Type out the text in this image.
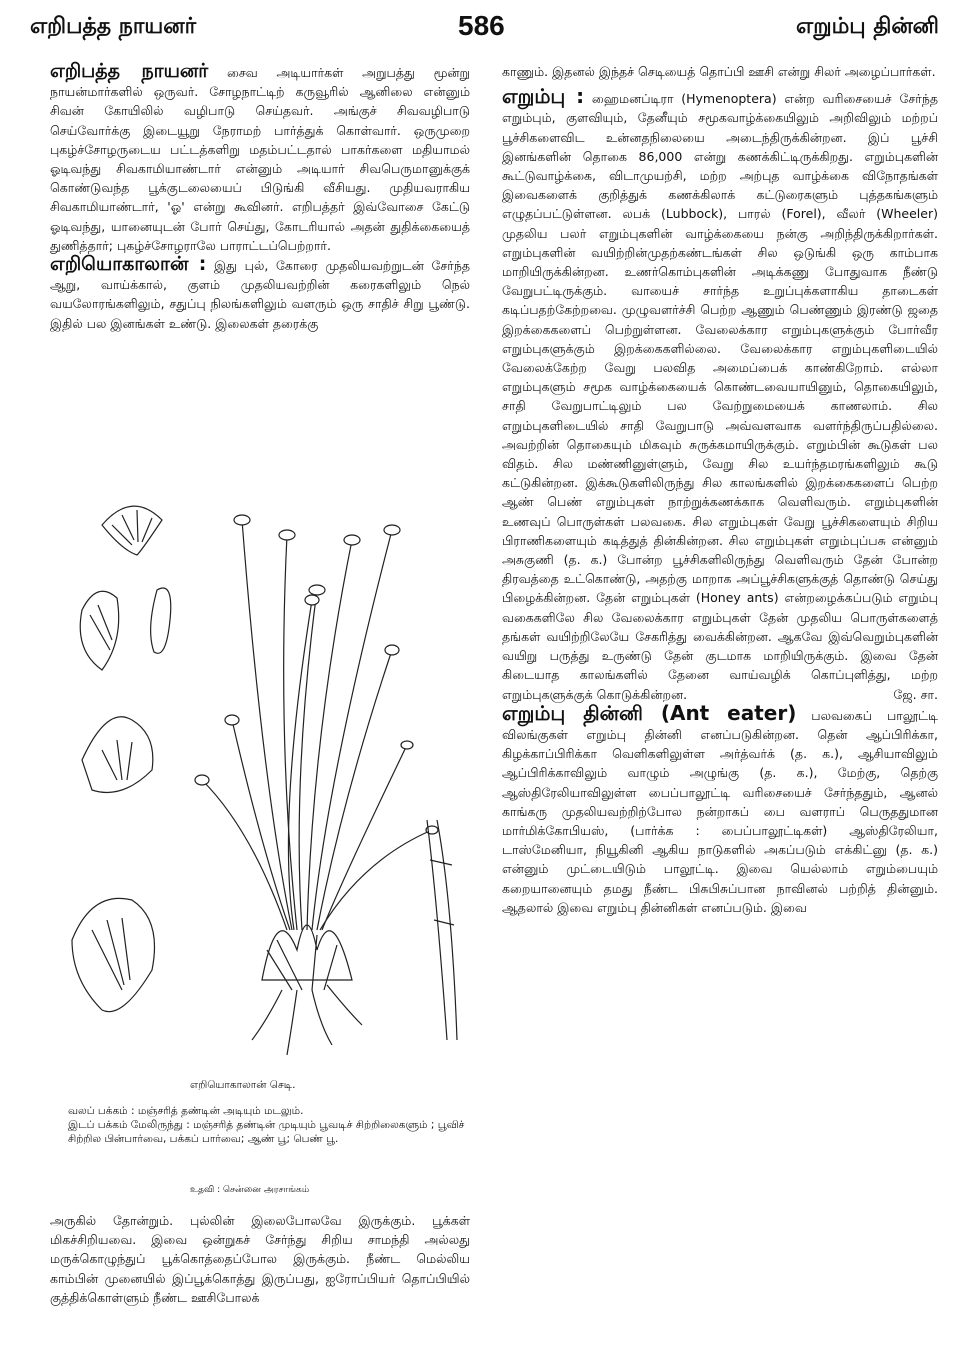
எறிபத்த நாயனர்	586	எறும்பு தின்னி

எறிபத்த நாயனர் சைவ அடியார்கள் அறுபத்து மூன்று நாயன்மார்களில் ஒருவர். சோழநாட்டிற் கருவூரில் ஆனிலை என்னும் சிவன் கோயிலில் வழிபாடு செய்தவர். அங்குச் சிவவழிபாடு செய்வோர்க்கு இடையூறு நேராமற் பார்த்துக் கொள்வார். ஒருமுறை புகழ்ச்சோழருடைய பட்டத்களிறு மதம்பட்டதால் பாகர்களை மதியாமல் ஓடிவந்து சிவகாமியாண்டார் என்னும் அடியார் சிவபெருமானுக்குக் கொண்டுவந்த பூக்குடலையைப் பிடுங்கி வீசியது. முதியவராகிய சிவகாமியாண்டார், 'ஓ' என்று கூவினர். எறிபத்தர் இவ்வோசை கேட்டு ஓடிவந்து, யானையுடன் போர் செய்து, கோடரியால் அதன் துதிக்கையைத் துணித்தார்; புகழ்ச்சோழராலே பாராட்டப்பெற்றார்.

எறியொகாலான் : இது புல், கோரை முதலியவற்றுடன் சேர்ந்த ஆறு, வாய்க்கால், குளம் முதலியவற்றின் கரைகளிலும் நெல் வயலோரங்களிலும், சதுப்பு நிலங்களிலும் வளரும் ஒரு சாதிச் சிறு பூண்டு. இதில் பல இனங்கள் உண்டு. இலைகள் தரைக்கு

எறியொகாலான் செடி.
வலப் பக்கம் : மஞ்சரித் தண்டின் அடியும் மடலும்.
இடப் பக்கம் மேலிருந்து : மஞ்சரித் தண்டின் முடியும் பூவடிச் சிற்றிலைகளும் ; பூவிச் சிற்றில பின்பார்வை, பக்கப் பார்வை; ஆண் பூ; பெண் பூ.
உதவி : சென்னை அரசாங்கம்

அருகில் தோன்றும். புல்லின் இலைபோலவே இருக்கும். பூக்கள் மிகச்சிறியவை. இவை ஒன்றுகச் சேர்ந்து சிறிய சாமந்தி அல்லது மருக்கொழுந்துப் பூக்கொத்தைப்போல இருக்கும். நீண்ட மெல்லிய காம்பின் முனையில் இப்பூக்கொத்து இருப்பது, ஐரோப்பியர் தொப்பியில் குத்திக்கொள்ளும் நீண்ட ஊசிபோலக்

காணும். இதனல் இந்தச் செடியைத் தொப்பி ஊசி என்று சிலர் அழைப்பார்கள்.

எறும்பு : ஹைமனப்டிரா (Hymenoptera) என்ற வரிசையைச் சேர்ந்த எறும்பும், குளவியும், தேனீயும் சமூகவாழ்க்கையிலும் அறிவிலும் மற்றப் பூச்சிகளைவிட உன்னதநிலையை அடைந்திருக்கின்றன. இப் பூச்சி இனங்களின் தொகை 86,000 என்று கணக்கிட்டிருக்கிறது. எறும்புகளின் கூட்டுவாழ்க்கை, விடாமுயற்சி, மற்ற அற்புத வாழ்க்கை விநோதங்கள் இவைகளைக் குறித்துக் கணக்கிலாக் கட்டுரைகளும் புத்தகங்களும் எழுதப்பட்டுள்ளன. லபக் (Lubbock), பாரல் (Forel), வீலர் (Wheeler) முதலிய பலர் எறும்புகளின் வாழ்க்கையை நன்கு அறிந்திருக்கிறார்கள். எறும்புகளின் வயிற்றின்முதற்கண்டங்கள் சில ஒடுங்கி ஒரு காம்பாக மாறியிருக்கின்றன. உணர்கொம்புகளின் அடிக்கணு போதுவாக நீண்டு வேறுபட்டிருக்கும். வாயைச் சார்ந்த உறுப்புக்களாகிய தாடைகள் கடிப்பதற்கேற்றவை. முழுவளர்ச்சி பெற்ற ஆணும் பெண்ணும் இரண்டு ஜதை இறக்கைகளைப் பெற்றுள்ளன. வேலைக்கார எறும்புகளுக்கும் போர்வீர எறும்புகளுக்கும் இறக்கைகளில்லை. வேலைக்கார எறும்புகளிடையில் வேலைக்கேற்ற வேறு பலவித அமைப்பைக் காண்கிறோம். எல்லா எறும்புகளும் சமூக வாழ்க்கையைக் கொண்டவையாயினும், தொகையிலும், சாதி வேறுபாட்டிலும் பல வேற்றுமையைக் காணலாம். சில எறும்புகளிடையில் சாதி வேறுபாடு அவ்வளவாக வளர்ந்திருப்பதில்லை. அவற்றின் தொகையும் மிகவும் சுருக்கமாயிருக்கும். எறும்பின் கூடுகள் பல விதம். சில மண்ணினுள்ளும், வேறு சில உயர்ந்தமரங்களிலும் கூடு கட்டுகின்றன. இக்கூடுகளிலிருந்து சில காலங்களில் இறக்கைகளைப் பெற்ற ஆண் பெண் எறும்புகள் நாற்றுக்கணக்காக வெளிவரும். எறும்புகளின் உணவுப் பொருள்கள் பலவகை. சில எறும்புகள் வேறு பூச்சிகளையும் சிறிய பிராணிகளையும் கடித்துத் தின்கின்றன. சில எறும்புகள் எறும்புப்பசு என்னும் அசுகுணி (த. க.) போன்ற பூச்சிகளிலிருந்து வெளிவரும் தேன் போன்ற திரவத்தை உட்கொண்டு, அதற்கு மாறாக அப்பூச்சிகளுக்குத் தொண்டு செய்து பிழைக்கின்றன. தேன் எறும்புகள் (Honey ants) என்றழைக்கப்படும் எறும்பு வகைகளிலே சில வேலைக்கார எறும்புகள் தேன் முதலிய பொருள்களைத் தங்கள் வயிற்றிலேயே சேகரித்து வைக்கின்றன. ஆகவே இவ்வெறும்புகளின் வயிறு பருத்து உருண்டு தேன் குடமாக மாறியிருக்கும். இவை தேன் கிடையாத காலங்களில் தேனை வாய்வழிக் கொப்புளித்து, மற்ற எறும்புகளுக்குக் கொடுக்கின்றன.	ஜே. சா.

எறும்பு தின்னி (Ant eater) பலவகைப் பாலூட்டி விலங்குகள் எறும்பு தின்னி எனப்படுகின்றன. தென் ஆப்பிரிக்கா, கிழக்காப்பிரிக்கா வெளிகளிலுள்ள அர்த்வர்க் (த. க.), ஆசியாவிலும் ஆப்பிரிக்காவிலும் வாழும் அழுங்கு (த. க.), மேற்கு, தெற்கு ஆஸ்திரேலியாவிலுள்ள பைப்பாலூட்டி வரிசையைச் சேர்ந்ததும், ஆனல் காங்கரு முதலியவற்றிற்போல நன்றாகப் பை வளராப் பெருததுமான மார்மிக்கோபியஸ், (பார்க்க : பைப்பாலூட்டிகள்) ஆஸ்திரேலியா, டாஸ்மேனியா, நியூகினி ஆகிய நாடுகளில் அகப்படும் எக்கிட்னு (த. க.) என்னும் முட்டையிடும் பாலூட்டி. இவை யெல்லாம் எறும்பையும் கறையானையும் தமது நீண்ட பிசுபிசுப்பான நாவினல் பற்றித் தின்னும். ஆதலால் இவை எறும்பு தின்னிகள் எனப்படும். இவை
